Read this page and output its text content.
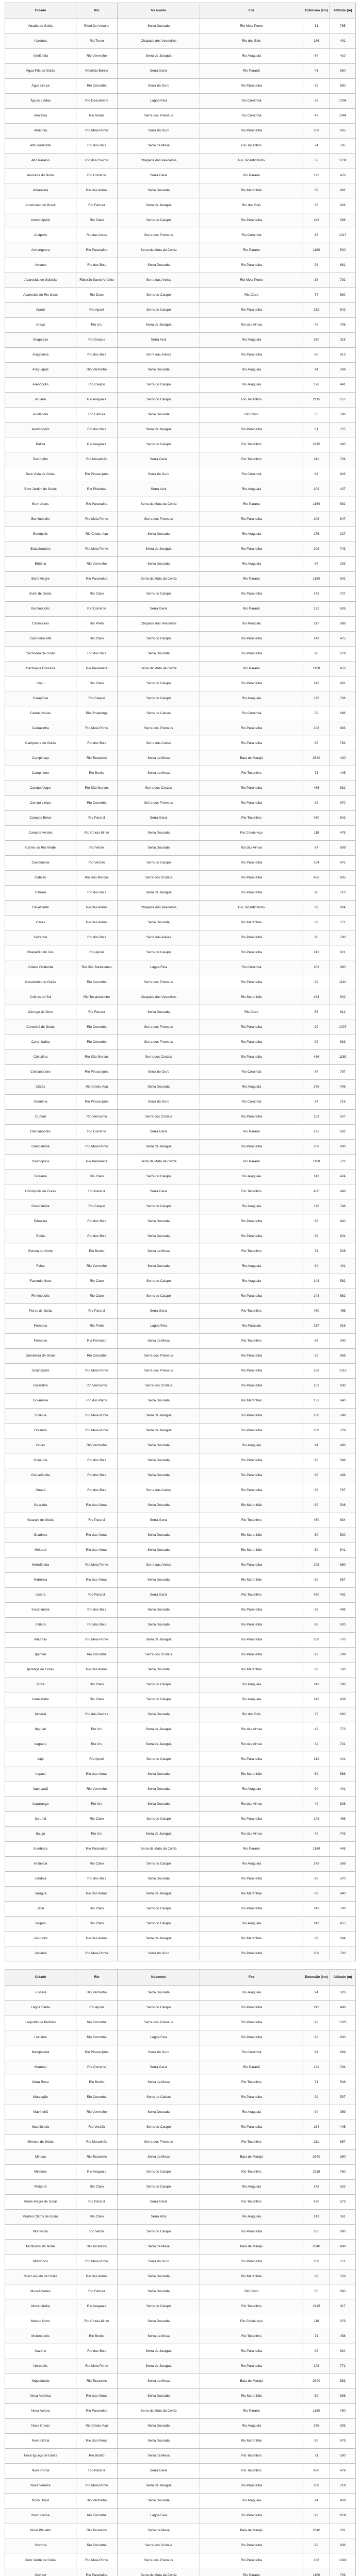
Cidade	Rio	Nascente	Foz	Extensão (km)	Altitude (m)
Abadia de Goiás	Ribeirão Anicuns	Serra Dourada	Rio Meia Ponte	31	785
Acreúna	Rio Turvo	Chapada dos Veadeiros	Rio dos Bois	186	491
Adelândia	Rio Vermelho	Serra de Jaraguá	Rio Araguaia	64	410
Água Fria de Goiás	Ribeirão Bonito	Serra Geral	Rio Paranã	41	950
Água Limpa	Rio Corumbá	Serra do Ouro	Rio Paranaíba	92	690
Águas Lindas	Rio Descoberto	Lagoa Feia	Rio Corumbá	53	1004
Alexânia	Rio Areias	Serra dos Pireneus	Rio Corumbá	47	1044
Aloândia	Rio Meia Ponte	Serra do Ouro	Rio Paranaíba	108	665
Alto Horizonte	Rio dos Bois	Serra da Mesa	Rio Tocantins	74	505
Alto Paraíso	Rio dos Couros	Chapada dos Veadeiros	Rio Tocantinzinho	58	1230
Alvorada do Norte	Rio Corrente	Serra Geral	Rio Paranã	122	476
Amaralina	Rio das Almas	Serra Dourada	Rio Maranhão	89	492
Americano do Brasil	Rio Fartura	Serra de Jaraguá	Rio dos Bois	36	626
Amorinópolis	Rio Claro	Serra do Caiapó	Rio Paranaíba	143	598
Anápolis	Rio das Antas	Serra dos Pireneus	Rio Corumbá	63	1017
Anhanguera	Rio Paranaíba	Serra da Mata da Corda	Rio Paraná	1160	520
Anicuns	Rio dos Bois	Serra Dourada	Rio Paranaíba	98	681
Aparecida de Goiânia	Ribeirão Santo Antônio	Serra das Areias	Rio Meia Ponte	38	792
Aparecida do Rio Doce	Rio Doce	Serra do Caiapó	Rio Claro	77	530
Aporé	Rio Aporé	Serra do Caiapó	Rio Paranaíba	212	542
Araçu	Rio Uru	Serra de Jaraguá	Rio das Almas	42	706
Aragarças	Rio Garças	Serra Azul	Rio Araguaia	330	318
Aragoiânia	Rio dos Bois	Serra das Areias	Rio Paranaíba	68	813
Araguapaz	Rio Vermelho	Serra Dourada	Rio Araguaia	94	369
Arenópolis	Rio Caiapó	Serra do Caiapó	Rio Araguaia	176	441
Aruanã	Rio Araguaia	Serra do Caiapó	Rio Tocantins	2115	257
Aurilândia	Rio Fartura	Serra Dourada	Rio Claro	55	596
Avelinópolis	Rio dos Bois	Serra de Jaraguá	Rio Paranaíba	61	755
Baliza	Rio Araguaia	Serra do Caiapó	Rio Tocantins	2115	345
Barro Alto	Rio Maranhão	Serra Geral	Rio Tocantins	211	754
Bela Vista de Goiás	Rio Piracanjuba	Serra do Ouro	Rio Corumbá	84	843
Bom Jardim de Goiás	Rio Piranhas	Serra Azul	Rio Araguaia	109	407
Bom Jesus	Rio Paranaíba	Serra da Mata da Corda	Rio Paraná	1160	582
Bonfinópolis	Rio Meia Ponte	Serra dos Pireneus	Rio Paranaíba	108	847
Bonópolis	Rio Crixás-Açu	Serra Dourada	Rio Araguaia	276	327
Brazabrantes	Rio Meia Ponte	Serra de Jaraguá	Rio Paranaíba	108	743
Britânia	Rio Vermelho	Serra Dourada	Rio Araguaia	94	293
Buriti Alegre	Rio Paranaíba	Serra da Mata da Corda	Rio Paraná	1160	542
Buriti de Goiás	Rio Claro	Serra do Caiapó	Rio Paranaíba	143	727
Buritinópolis	Rio Corrente	Serra Geral	Rio Paranã	122	626
Cabeceiras	Rio Preto	Chapada dos Veadeiros	Rio Paracatu	217	888
Cachoeira Alta	Rio Claro	Serra do Caiapó	Rio Paranaíba	143	475
Cachoeira de Goiás	Rio dos Bois	Serra Dourada	Rio Paranaíba	98	679
Cachoeira Dourada	Rio Paranaíba	Serra da Mata da Corda	Rio Paraná	1160	453
Caçu	Rio Claro	Serra do Caiapó	Rio Paranaíba	143	491
Caiapônia	Rio Caiapó	Serra do Caiapó	Rio Araguaia	176	706
Caldas Novas	Rio Pirapitinga	Serra de Caldas	Rio Corumbá	52	686
Caldazinha	Rio Meia Ponte	Serra dos Pireneus	Rio Paranaíba	108	883
Campestre de Goiás	Rio dos Bois	Serra das Areias	Rio Paranaíba	98	782
Campinaçu	Rio Tocantins	Serra da Mesa	Baía de Marajó	2640	420
Campinorte	Rio Bonito	Serra da Mesa	Rio Tocantins	71	445
Campo Alegre	Rio São Marcos	Serra dos Cristais	Rio Paranaíba	466	832
Campo Limpo	Rio Corumbá	Serra dos Pireneus	Rio Paranaíba	92	970
Campos Belos	Rio Paranã	Serra Geral	Rio Tocantins	450	642
Campos Verdes	Rio Crixás-Mirim	Serra Dourada	Rio Crixás-Açu	118	476
Carmo do Rio Verde	Rio Verde	Serra Dourada	Rio das Almas	67	609
Castelândia	Rio Verdão	Serra do Caiapó	Rio Paranaíba	184	475
Catalão	Rio São Marcos	Serra dos Cristais	Rio Paranaíba	466	835
Caturaí	Rio dos Bois	Serra de Jaraguá	Rio Paranaíba	98	713
Cavalcante	Rio das Almas	Chapada dos Veadeiros	Rio Tocantinzinho	89	824
Ceres	Rio das Almas	Serra Dourada	Rio Maranhão	89	571
Cezarina	Rio dos Bois	Serra das Areias	Rio Paranaíba	98	700
Chapadão do Céu	Rio Aporé	Serra do Caiapó	Rio Paranaíba	212	821
Cidade Ocidental	Rio São Bartolomeu	Lagoa Feia	Rio Corumbá	203	980
Cocalzinho de Goiás	Rio Corumbá	Serra dos Pireneus	Rio Paranaíba	92	1140
Colinas do Sul	Rio Tocantinzinho	Chapada dos Veadeiros	Rio Maranhão	164	502
Córrego do Ouro	Rio Fartura	Serra Dourada	Rio Claro	55	612
Corumbá de Goiás	Rio Corumbá	Serra dos Pireneus	Rio Paranaíba	92	1007
Corumbaíba	Rio Corumbá	Serra dos Pireneus	Rio Paranaíba	92	633
Cristalina	Rio São Marcos	Serra dos Cristais	Rio Paranaíba	466	1189
Cristianópolis	Rio Piracanjuba	Serra do Ouro	Rio Corumbá	84	787
Crixás	Rio Crixás-Açu	Serra Dourada	Rio Araguaia	276	408
Cromínia	Rio Piracanjuba	Serra do Ouro	Rio Corumbá	84	716
Cumari	Rio Veríssimo	Serra dos Cristais	Rio Paranaíba	153	637
Damianópolis	Rio Corrente	Serra Geral	Rio Paranã	122	682
Damolândia	Rio Meia Ponte	Serra de Jaraguá	Rio Paranaíba	108	800
Davinópolis	Rio Paranaíba	Serra da Mata da Corda	Rio Paraná	1160	722
Diorama	Rio Claro	Serra do Caiapó	Rio Araguaia	143	424
Divinópolis de Goiás	Rio Paranã	Serra Geral	Rio Tocantins	450	498
Doverlândia	Rio Caiapó	Serra do Caiapó	Rio Araguaia	176	748
Edealina	Rio dos Bois	Serra Dourada	Rio Paranaíba	98	640
Edéia	Rio dos Bois	Serra Dourada	Rio Paranaíba	98	604
Estrela do Norte	Rio Bonito	Serra da Mesa	Rio Tocantins	71	528
Faina	Rio Vermelho	Serra Dourada	Rio Araguaia	94	401
Fazenda Nova	Rio Claro	Serra do Caiapó	Rio Araguaia	143	582
Firminópolis	Rio Claro	Serra do Caiapó	Rio Paranaíba	143	562
Flores de Goiás	Rio Paranã	Serra Geral	Rio Tocantins	450	455
Formosa	Rio Preto	Lagoa Feia	Rio Paracatu	217	916
Formoso	Rio Formoso	Serra da Mesa	Rio Tocantins	96	340
Gameleira de Goiás	Rio Corumbá	Serra dos Pireneus	Rio Paranaíba	92	968
Goianápolis	Rio Meia Ponte	Serra dos Pireneus	Rio Paranaíba	108	1015
Goiandira	Rio Veríssimo	Serra dos Cristais	Rio Paranaíba	153	830
Goianésia	Rio dos Patos	Serra Dourada	Rio Maranhão	153	640
Goiânia	Rio Meia Ponte	Serra de Jaraguá	Rio Paranaíba	108	749
Goianira	Rio Meia Ponte	Serra de Jaraguá	Rio Paranaíba	108	729
Goiás	Rio Vermelho	Serra Dourada	Rio Araguaia	94	496
Goiatuba	Rio dos Bois	Serra Dourada	Rio Paranaíba	98	546
Gouvelândia	Rio dos Bois	Serra Dourada	Rio Paranaíba	98	466
Guapó	Rio dos Bois	Serra das Areias	Rio Paranaíba	98	767
Guaraíta	Rio das Almas	Serra Dourada	Rio Maranhão	89	548
Guarani de Goiás	Rio Paranã	Serra Geral	Rio Tocantins	450	634
Guarinos	Rio das Almas	Serra Dourada	Rio Maranhão	89	520
Heitoraí	Rio das Almas	Serra Dourada	Rio Maranhão	89	641
Hidrolândia	Rio Meia Ponte	Serra das Areias	Rio Paranaíba	108	880
Hidrolina	Rio das Almas	Serra Dourada	Rio Maranhão	89	557
Iaciara	Rio Paranã	Serra Geral	Rio Tocantins	450	492
Inaciolândia	Rio dos Bois	Serra Dourada	Rio Paranaíba	98	498
Indiara	Rio dos Bois	Serra Dourada	Rio Paranaíba	98	620
Inhumas	Rio Meia Ponte	Serra de Jaraguá	Rio Paranaíba	108	770
Ipameri	Rio Corumbá	Serra dos Cristais	Rio Paranaíba	92	799
Ipiranga de Goiás	Rio das Almas	Serra Dourada	Rio Maranhão	89	560
Iporá	Rio Claro	Serra do Caiapó	Rio Araguaia	143	590
Israelândia	Rio Claro	Serra do Caiapó	Rio Araguaia	143	439
Itaberaí	Rio das Pedras	Serra Dourada	Rio dos Bois	77	660
Itaguari	Rio Uru	Serra de Jaraguá	Rio das Almas	42	773
Itaguaru	Rio Uru	Serra de Jaraguá	Rio das Almas	42	731
Itajá	Rio Aporé	Serra do Caiapó	Rio Paranaíba	212	441
Itapaci	Rio das Almas	Serra Dourada	Rio Maranhão	89	568
Itapirapuã	Rio Vermelho	Serra Dourada	Rio Araguaia	94	401
Itapuranga	Rio Uru	Serra Dourada	Rio das Almas	42	626
Itarumã	Rio Claro	Serra do Caiapó	Rio Paranaíba	143	468
Itauçu	Rio Uru	Serra de Jaraguá	Rio das Almas	42	743
Itumbiara	Rio Paranaíba	Serra da Mata da Corda	Rio Paraná	1160	448
Ivolândia	Rio Claro	Serra do Caiapó	Rio Araguaia	143	569
Jandaia	Rio dos Bois	Serra Dourada	Rio Paranaíba	98	570
Jaraguá	Rio das Almas	Serra de Jaraguá	Rio Maranhão	89	640
Jataí	Rio Claro	Serra do Caiapó	Rio Paranaíba	143	708
Jaupaci	Rio Claro	Serra do Caiapó	Rio Araguaia	143	455
Jesúpolis	Rio das Almas	Serra de Jaraguá	Rio Maranhão	89	684
Joviânia	Rio Meia Ponte	Serra do Ouro	Rio Paranaíba	108	720
Cidade	Rio	Nascente	Foz	Extensão (km)	Altitude (m)
Jussara	Rio Vermelho	Serra Dourada	Rio Araguaia	94	326
Lagoa Santa	Rio Aporé	Serra do Caiapó	Rio Paranaíba	212	498
Leopoldo de Bulhões	Rio Corumbá	Serra dos Pireneus	Rio Paranaíba	92	1025
Luziânia	Rio Corumbá	Lagoa Feia	Rio Paranaíba	92	930
Mairipotaba	Rio Piracanjuba	Serra do Ouro	Rio Corumbá	84	689
Mambaí	Rio Corrente	Serra Geral	Rio Paranã	122	784
Mara Rosa	Rio Bonito	Serra da Mesa	Rio Tocantins	71	546
Marzagão	Rio Corumbá	Serra de Caldas	Rio Paranaíba	92	597
Matrinchã	Rio Vermelho	Serra Dourada	Rio Araguaia	94	359
Maurilândia	Rio Verdão	Serra do Caiapó	Rio Paranaíba	184	445
Mimoso de Goiás	Rio Maranhão	Serra dos Pireneus	Rio Tocantins	211	857
Minaçu	Rio Tocantins	Serra da Mesa	Baía de Marajó	2640	350
Mineiros	Rio Araguaia	Serra do Caiapó	Rio Tocantins	2115	760
Moiporá	Rio Claro	Serra do Caiapó	Rio Araguaia	143	532
Monte Alegre de Goiás	Rio Paranã	Serra Geral	Rio Tocantins	450	573
Montes Claros de Goiás	Rio Claro	Serra Azul	Rio Araguaia	143	361
Montividiu	Rio Verde	Serra do Caiapó	Rio Paranaíba	165	890
Montividiu do Norte	Rio Tocantins	Serra da Mesa	Baía de Marajó	2640	488
Morrinhos	Rio Meia Ponte	Serra do Ouro	Rio Paranaíba	108	771
Morro Agudo de Goiás	Rio das Almas	Serra Dourada	Rio Maranhão	89	558
Mossâmedes	Rio Fartura	Serra Dourada	Rio Claro	55	680
Mozarlândia	Rio Araguaia	Serra do Caiapó	Rio Tocantins	2115	317
Mundo Novo	Rio Crixás-Mirim	Serra Dourada	Rio Crixás-Açu	118	379
Mutunópolis	Rio Bonito	Serra da Mesa	Rio Tocantins	71	458
Nazário	Rio dos Bois	Serra de Jaraguá	Rio Paranaíba	98	634
Nerópolis	Rio Meia Ponte	Serra de Jaraguá	Rio Paranaíba	108	771
Niquelândia	Rio Tocantins	Serra da Mesa	Baía de Marajó	2640	583
Nova América	Rio das Almas	Serra Dourada	Rio Maranhão	89	636
Nova Aurora	Rio Paranaíba	Serra da Mata da Corda	Rio Paraná	1160	760
Nova Crixás	Rio Crixás-Açu	Serra Dourada	Rio Araguaia	276	305
Nova Glória	Rio das Almas	Serra Dourada	Rio Maranhão	89	579
Nova Iguaçu de Goiás	Rio Bonito	Serra da Mesa	Rio Tocantins	71	500
Nova Roma	Rio Paranã	Serra Geral	Rio Tocantins	450	479
Nova Veneza	Rio Meia Ponte	Serra de Jaraguá	Rio Paranaíba	108	719
Novo Brasil	Rio Vermelho	Serra Dourada	Rio Araguaia	94	469
Novo Gama	Rio Corumbá	Lagoa Feia	Rio Paranaíba	92	1100
Novo Planalto	Rio Tocantins	Serra da Mesa	Baía de Marajó	2640	291
Orizona	Rio Corumbá	Serra dos Cristais	Rio Paranaíba	92	806
Ouro Verde de Goiás	Rio Meia Ponte	Serra dos Pireneus	Rio Paranaíba	108	1040
Ouvidor	Rio Paranaíba	Serra da Mata da Corda	Rio Paraná	1160	709
